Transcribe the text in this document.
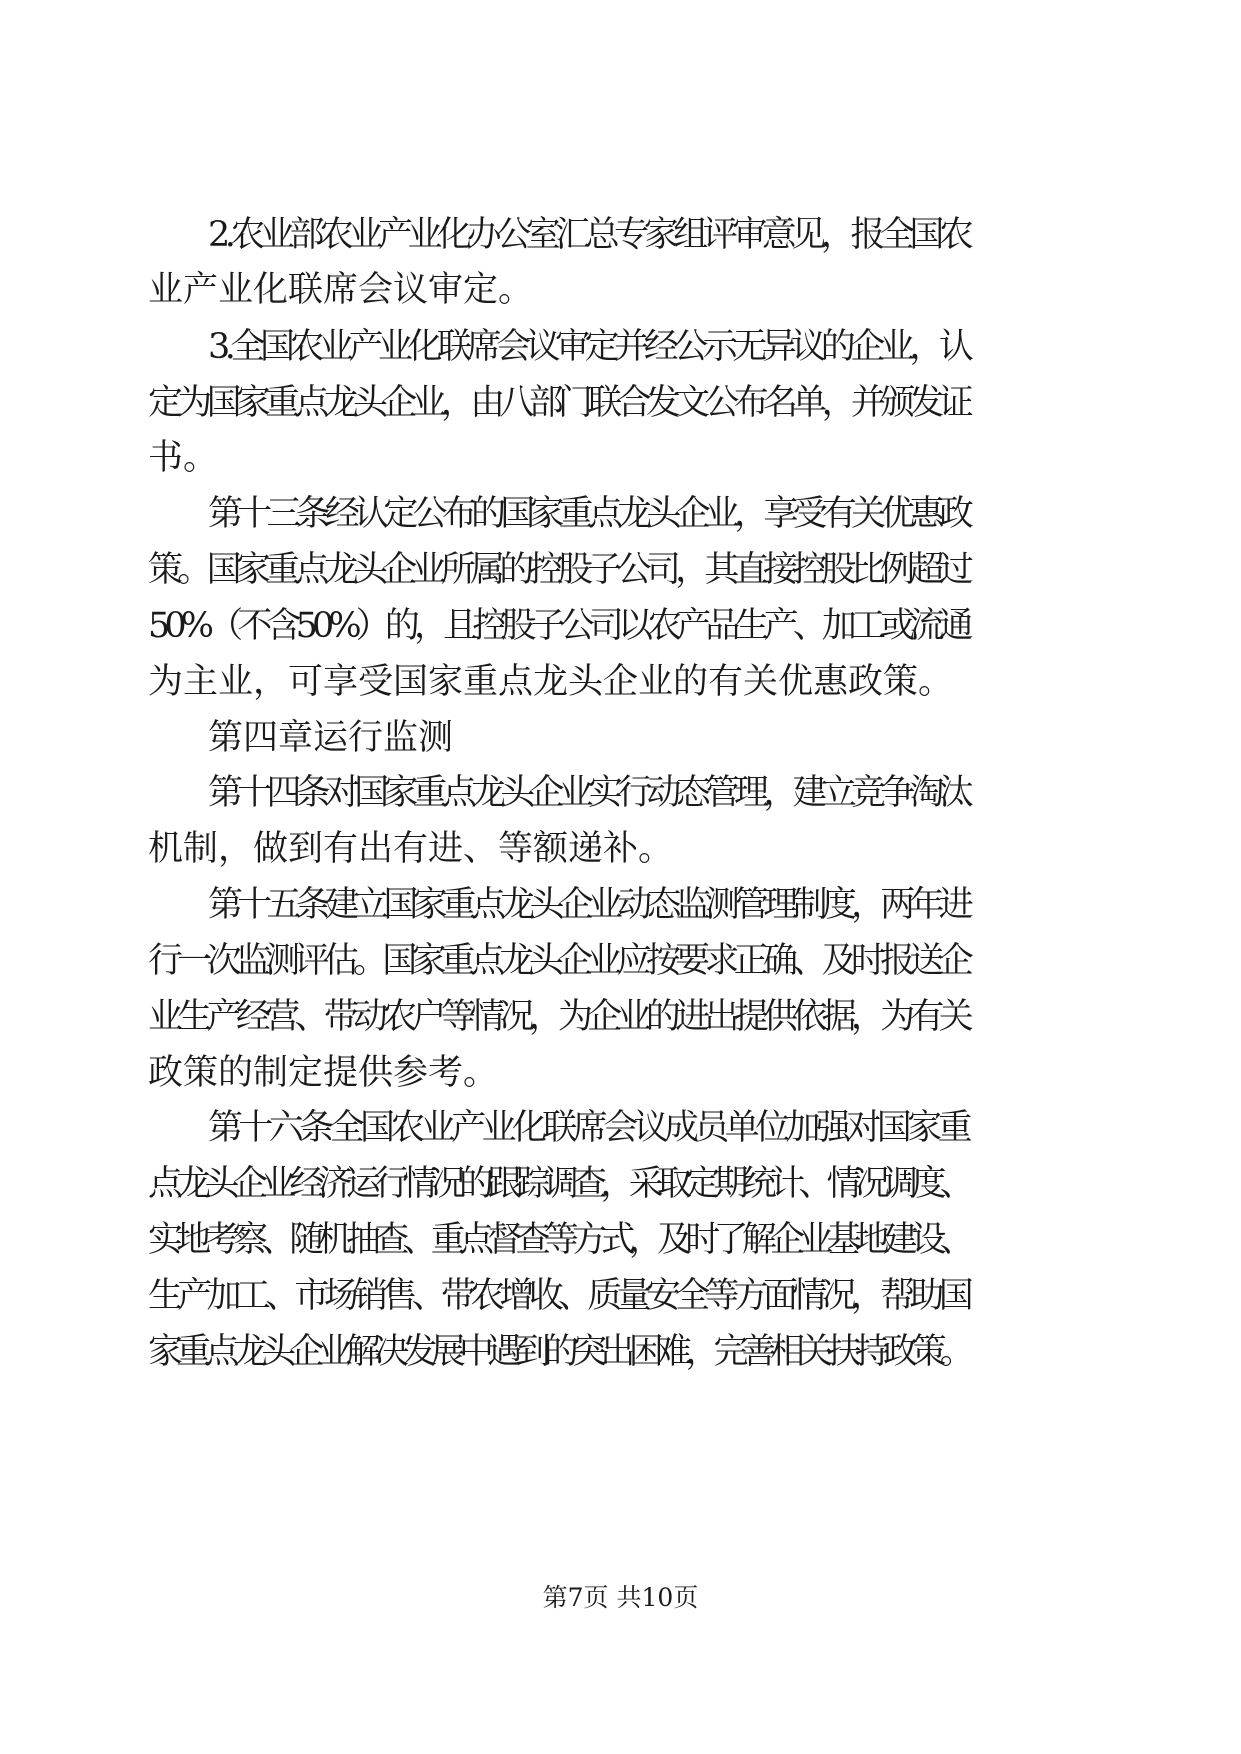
2.农业部农业产业化办公室汇总专家组评审意见，报全国农

业产业化联席会议审定。

3.全国农业产业化联席会议审定并经公示无异议的企业，认

定为国家重点龙头企业，由八部门联合发文公布名单，并颁发证

书。

第十三条经认定公布的国家重点龙头企业，享受有关优惠政

策。国家重点龙头企业所属的控股子公司，其直接控股比例超过

50%（不含50%）的，且控股子公司以农产品生产、加工或流通

为主业，可享受国家重点龙头企业的有关优惠政策。

第四章运行监测

第十四条对国家重点龙头企业实行动态管理，建立竞争淘汰

机制，做到有出有进、等额递补。

第十五条建立国家重点龙头企业动态监测管理制度，两年进

行一次监测评估。国家重点龙头企业应按要求正确、及时报送企

业生产经营、带动农户等情况，为企业的进出提供依据，为有关

政策的制定提供参考。

第十六条全国农业产业化联席会议成员单位加强对国家重

点龙头企业经济运行情况的跟踪调查，采取定期统计、情况调度、

实地考察、随机抽查、重点督查等方式，及时了解企业基地建设、

生产加工、市场销售、带农增收、质量安全等方面情况，帮助国

家重点龙头企业解决发展中遇到的突出困难，完善相关扶持政策。

第7页 共10页
